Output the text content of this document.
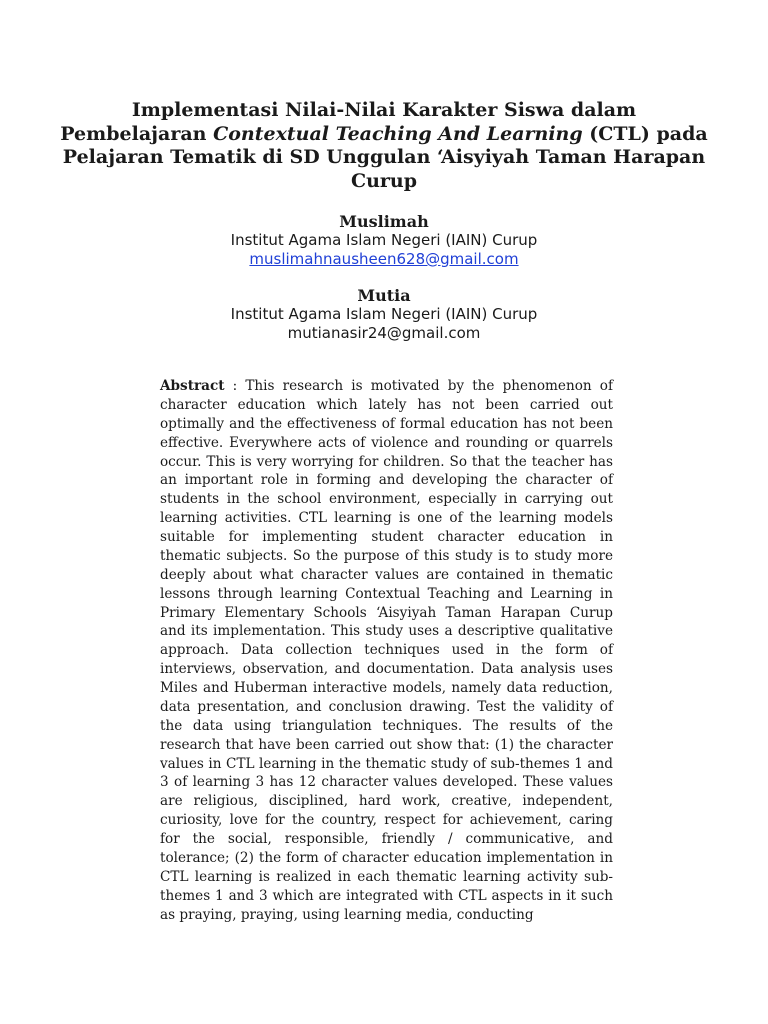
Implementasi Nilai-Nilai Karakter Siswa dalam Pembelajaran Contextual Teaching And Learning (CTL) pada Pelajaran Tematik di SD Unggulan ‘Aisyiyah Taman Harapan Curup
Muslimah
Institut Agama Islam Negeri (IAIN) Curup
muslimahnausheen628@gmail.com
Mutia
Institut Agama Islam Negeri (IAIN) Curup
mutianasir24@gmail.com

Abstract : This research is motivated by the phenomenon of character education which lately has not been carried out optimally and the effectiveness of formal education has not been effective. Everywhere acts of violence and rounding or quarrels occur. This is very worrying for children. So that the teacher has an important role in forming and developing the character of students in the school environment, especially in carrying out learning activities. CTL learning is one of the learning models suitable for implementing student character education in thematic subjects. So the purpose of this study is to study more deeply about what character values are contained in thematic lessons through learning Contextual Teaching and Learning in Primary Elementary Schools ‘Aisyiyah Taman Harapan Curup and its implementation. This study uses a descriptive qualitative approach. Data collection techniques used in the form of interviews, observation, and documentation. Data analysis uses Miles and Huberman interactive models, namely data reduction, data presentation, and conclusion drawing. Test the validity of the data using triangulation techniques. The results of the research that have been carried out show that: (1) the character values in CTL learning in the thematic study of sub-themes 1 and 3 of learning 3 has 12 character values developed. These values are religious, disciplined, hard work, creative, independent, curiosity, love for the country, respect for achievement, caring for the social, responsible, friendly / communicative, and tolerance; (2) the form of character education implementation in CTL learning is realized in each thematic learning activity sub-themes 1 and 3 which are integrated with CTL aspects in it such as praying, praying, using learning media, conducting
